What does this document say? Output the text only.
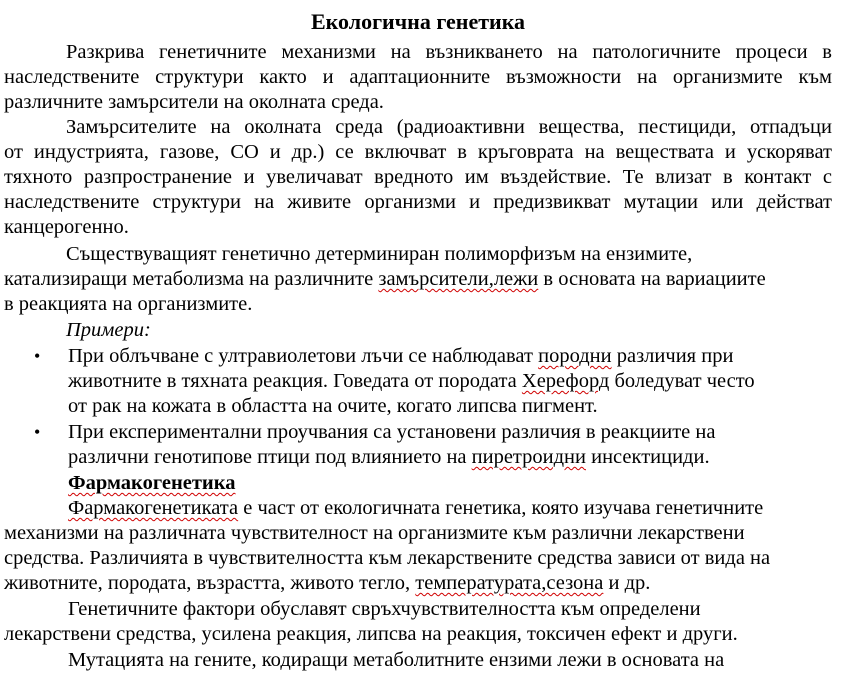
Екологична генетика
Разкрива генетичните механизми на възникването на патологичните процеси в
наследствените структури както и адаптационните възможности на организмите към
различните замърсители на околната среда.
Замърсителите на околната среда (радиоактивни вещества, пестициди, отпадъци
от индустрията, газове, СО и др.) се включват в кръговрата на веществата и ускоряват
тяхното разпространение и увеличават вредното им въздействие. Те влизат в контакт с
наследствените структури на живите организми и предизвикват мутации или действат
канцерогенно.
Съществуващият генетично детерминиран полиморфизъм на ензимите,
катализиращи метаболизма на различните замърсители,лежи в основата на вариациите
в реакцията на организмите.
Примери:
• При облъчване с ултравиолетови лъчи се наблюдават породни различия при
животните в тяхната реакция. Говедата от породата Херефорд боледуват често
от рак на кожата в областта на очите, когато липсва пигмент.
• При експериментални проучвания са установени различия в реакциите на
различни генотипове птици под влиянието на пиретроидни инсектициди.
Фармакогенетика
Фармакогенетиката е част от екологичната генетика, която изучава генетичните
механизми на различната чувствителност на организмите към различни лекарствени
средства. Различията в чувствителността към лекарствените средства зависи от вида на
животните, породата, възрастта, живото тегло, температурата,сезона и др.
Генетичните фактори обуславят свръхчувствителността към определени
лекарствени средства, усилена реакция, липсва на реакция, токсичен ефект и други.
Мутацията на гените, кодиращи метаболитните ензими лежи в основата на
